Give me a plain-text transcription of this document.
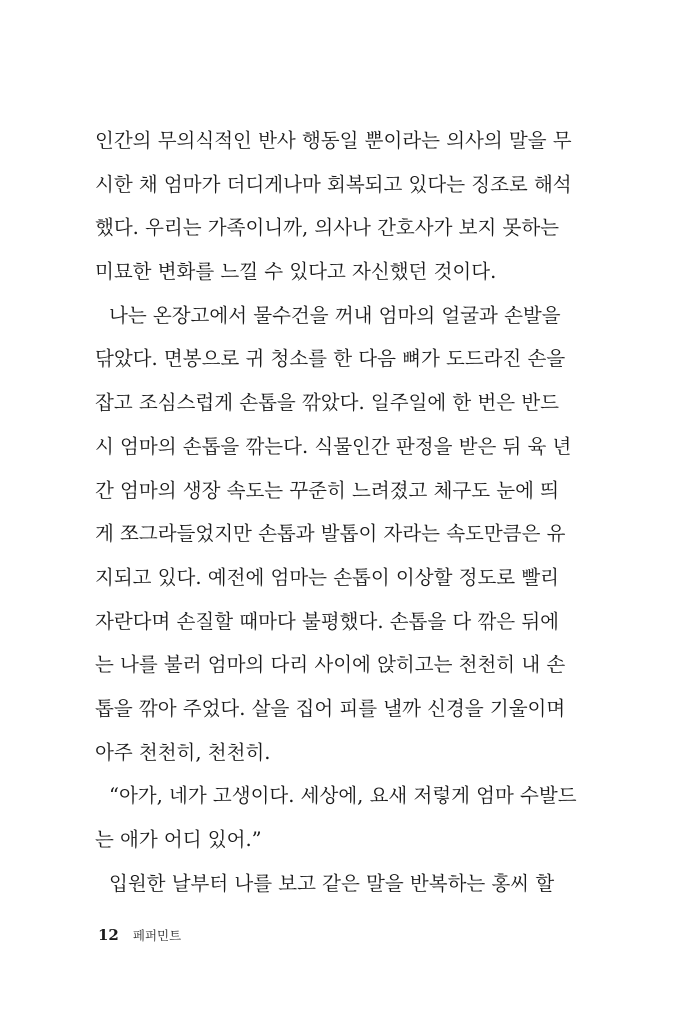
인간의 무의식적인 반사 행동일 뿐이라는 의사의 말을 무
시한 채 엄마가 더디게나마 회복되고 있다는 징조로 해석
했다. 우리는 가족이니까, 의사나 간호사가 보지 못하는
미묘한 변화를 느낄 수 있다고 자신했던 것이다.
나는 온장고에서 물수건을 꺼내 엄마의 얼굴과 손발을
닦았다. 면봉으로 귀 청소를 한 다음 뼈가 도드라진 손을
잡고 조심스럽게 손톱을 깎았다. 일주일에 한 번은 반드
시 엄마의 손톱을 깎는다. 식물인간 판정을 받은 뒤 육 년
간 엄마의 생장 속도는 꾸준히 느려졌고 체구도 눈에 띄
게 쪼그라들었지만 손톱과 발톱이 자라는 속도만큼은 유
지되고 있다. 예전에 엄마는 손톱이 이상할 정도로 빨리
자란다며 손질할 때마다 불평했다. 손톱을 다 깎은 뒤에
는 나를 불러 엄마의 다리 사이에 앉히고는 천천히 내 손
톱을 깎아 주었다. 살을 집어 피를 낼까 신경을 기울이며
아주 천천히, 천천히.
“아가, 네가 고생이다. 세상에, 요새 저렇게 엄마 수발드
는 애가 어디 있어.”
입원한 날부터 나를 보고 같은 말을 반복하는 홍씨 할
12 페퍼민트
